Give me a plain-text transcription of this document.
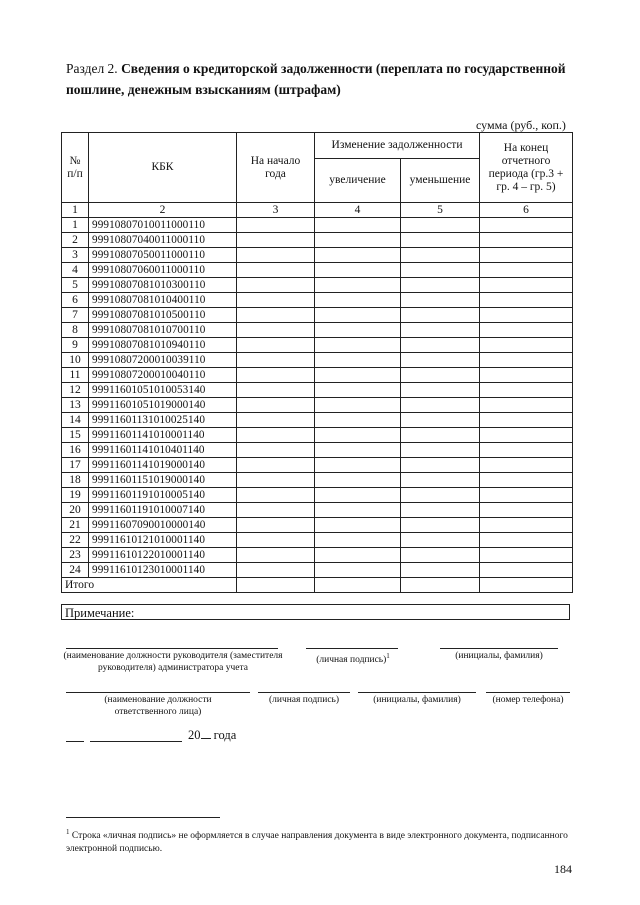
Раздел 2. Сведения о кредиторской задолженности (переплата по государственной пошлине, денежным взысканиям (штрафам)
сумма (руб., коп.)
№ п/п	КБК	На начало года	Изменение задолженности		На конец отчетного периода (гр.3 + гр. 4 – гр. 5)
			увеличение	уменьшение	
1	2	3	4	5	6
1	99910807010011000110				
2	99910807040011000110				
3	99910807050011000110				
4	99910807060011000110				
5	99910807081010300110				
6	99910807081010400110				
7	99910807081010500110				
8	99910807081010700110				
9	99910807081010940110				
10	99910807200010039110				
11	99910807200010040110				
12	99911601051010053140				
13	99911601051019000140				
14	99911601131010025140				
15	99911601141010001140				
16	99911601141010401140				
17	99911601141019000140				
18	99911601151019000140				
19	99911601191010005140				
20	99911601191010007140				
21	99911607090010000140				
22	99911610121010001140				
23	99911610122010001140				
24	99911610123010001140				
Итого					
Примечание:
(наименование должности руководителя (заместителя руководителя) администратора учета
(личная подпись)$^1$	(инициалы, фамилия)
(наименование должности ответственного лица)
(личная подпись)	(инициалы, фамилия)	(номер телефона)
20 года
$^1$ Строка «личная подпись» не оформляется в случае направления документа в виде электронного документа, подписанного электронной подписью.
184
